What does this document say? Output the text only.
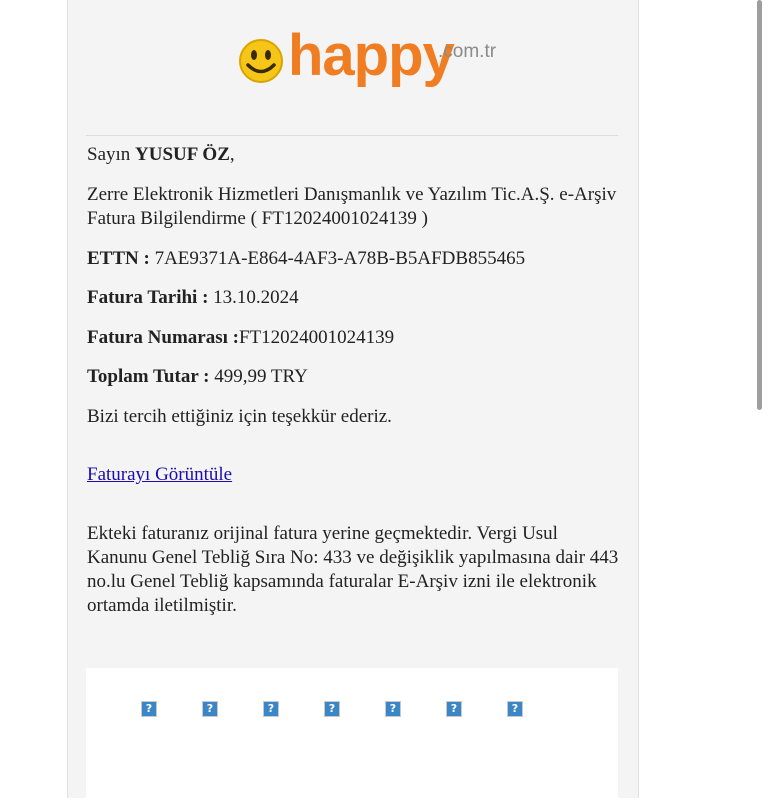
happy
.com.tr
Sayın YUSUF ÖZ,
Zerre Elektronik Hizmetleri Danışmanlık ve Yazılım Tic.A.Ş. e-Arşiv Fatura Bilgilendirme ( FT12024001024139 )
ETTN : 7AE9371A-E864-4AF3-A78B-B5AFDB855465
Fatura Tarihi : 13.10.2024
Fatura Numarası :FT12024001024139
Toplam Tutar : 499,99 TRY
Bizi tercih ettiğiniz için teşekkür ederiz.
Faturayı Görüntüle
Ekteki faturanız orijinal fatura yerine geçmektedir. Vergi Usul Kanunu Genel Tebliğ Sıra No: 433 ve değişiklik yapılmasına dair 443 no.lu Genel Tebliğ kapsamında faturalar E-Arşiv izni ile elektronik ortamda iletilmiştir.
?	?	?	?	?	?	?
